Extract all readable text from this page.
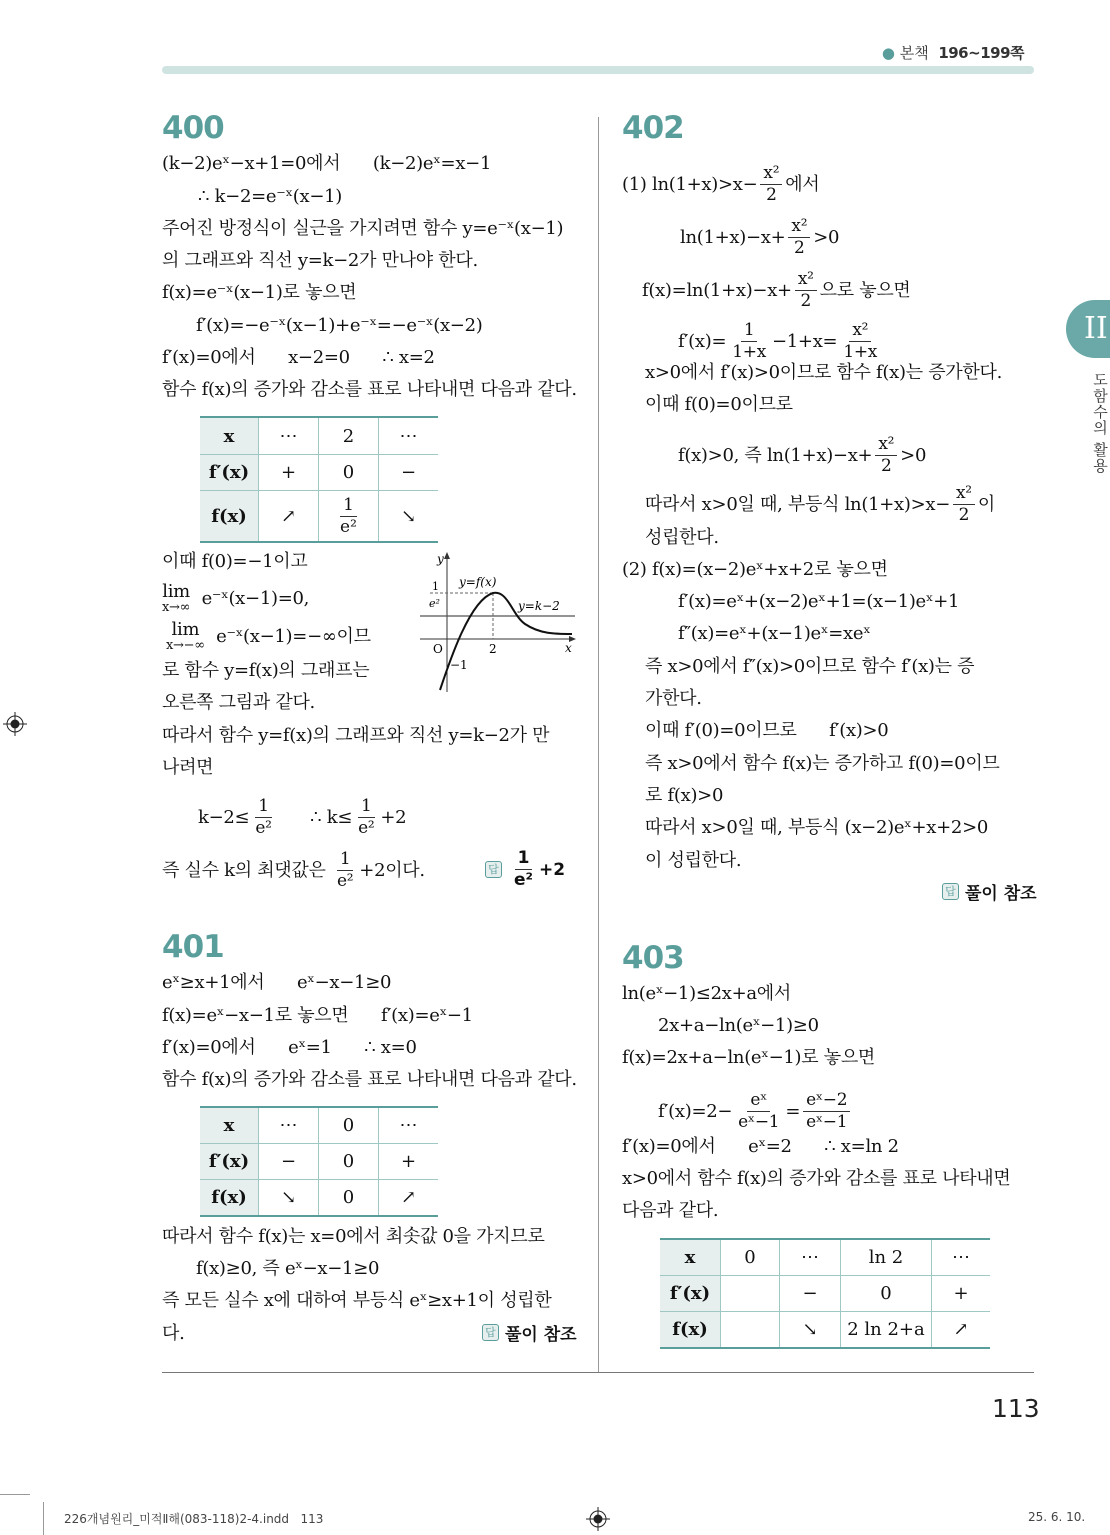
● 본책 196~199쪽
II
도함수의 활용
400
401
402
403
y
x
O	2
−1
1
e²
y=f(x)
y=k−2
(k−2)eˣ−x+1=0에서      (k−2)eˣ=x−1
∴ k−2=e⁻ˣ(x−1)
주어진 방정식이 실근을 가지려면 함수 y=e⁻ˣ(x−1)
의 그래프와 직선 y=k−2가 만나야 한다.
f(x)=e⁻ˣ(x−1)로 놓으면
f′(x)=−e⁻ˣ(x−1)+e⁻ˣ=−e⁻ˣ(x−2)
f′(x)=0에서      x−2=0      ∴ x=2
함수 f(x)의 증가와 감소를 표로 나타내면 다음과 같다.
이때 f(0)=−1이고
lim
x→∞ e⁻ˣ(x−1)=0,
lim
x→−∞ e⁻ˣ(x−1)=−∞이므
로 함수 y=f(x)의 그래프는
오른쪽 그림과 같다.
따라서 함수 y=f(x)의 그래프와 직선 y=k−2가 만
나려면
$k-2\le \frac{1}{\text{e²}}$ ∴ $k\le \frac{1}{\text{e²}} +2$
즉 실수 k의 최댓값은 $\frac{1}{\text{e²}} +2$이다.
eˣ≥x+1에서      eˣ−x−1≥0
f(x)=eˣ−x−1로 놓으면      f′(x)=eˣ−1
f′(x)=0에서      eˣ=1      ∴ x=0
함수 f(x)의 증가와 감소를 표로 나타내면 다음과 같다.
따라서 함수 f(x)는 x=0에서 최솟값 0을 가지므로
f(x)≥0, 즉 eˣ−x−1≥0
즉 모든 실수 x에 대하여 부등식 eˣ≥x+1이 성립한
다.
(1) $\ln(1+x)>x- \frac{\text{x²}}{2}$ 에서
$\ln(1+x)-x+ \frac{\text{x²}}{2} >0$
$f(x)=\ln(1+x)-x+ \frac{\text{x²}}{2}$ 으로 놓으면
$f'(x)= \frac{1}{1+x} -1+x= \frac{\text{x²}}{1+x}$
x>0에서 f′(x)>0이므로 함수 f(x)는 증가한다.
이때 f(0)=0이므로
f(x)>0, 즉 $\ln(1+x)-x+ \frac{\text{x²}}{2} >0$
따라서 x>0일 때, 부등식 $\ln(1+x)>x- \frac{\text{x²}}{2}$ 이
성립한다.
(2) f(x)=(x−2)eˣ+x+2로 놓으면
f′(x)=eˣ+(x−2)eˣ+1=(x−1)eˣ+1
f″(x)=eˣ+(x−1)eˣ=xeˣ
즉 x>0에서 f″(x)>0이므로 함수 f′(x)는 증
가한다.
이때 f′(0)=0이므로      f′(x)>0
즉 x>0에서 함수 f(x)는 증가하고 f(0)=0이므
로 f(x)>0
따라서 x>0일 때, 부등식 (x−2)eˣ+x+2>0
이 성립한다.
ln(eˣ−1)≤2x+a에서
2x+a−ln(eˣ−1)≥0
f(x)=2x+a−ln(eˣ−1)로 놓으면
$f'(x)=2- \frac{\text{eˣ}}{\text{eˣ−1}} = \frac{\text{eˣ−2}}{\text{eˣ−1}}$
f′(x)=0에서      eˣ=2      ∴ x=ln 2
x>0에서 함수 f(x)의 증가와 감소를 표로 나타내면
다음과 같다.
x	⋯	2	⋯
f′(x)	+	0	−
f(x)	↗	$\frac{1}{\text{e²}}$	↘
x	⋯	0	⋯
f′(x)	−	0	+
f(x)	↘	0	↗
x	0	⋯	ln 2	⋯
f′(x)		−	0	+
f(x)		↘	2 ln 2+a	↗
답 $\frac{1}{\text{e²}} +2$
답 풀이 참조
답 풀이 참조
113
226개념원리_미적Ⅱ해(083-118)2-4.indd   113	25. 6. 10.
